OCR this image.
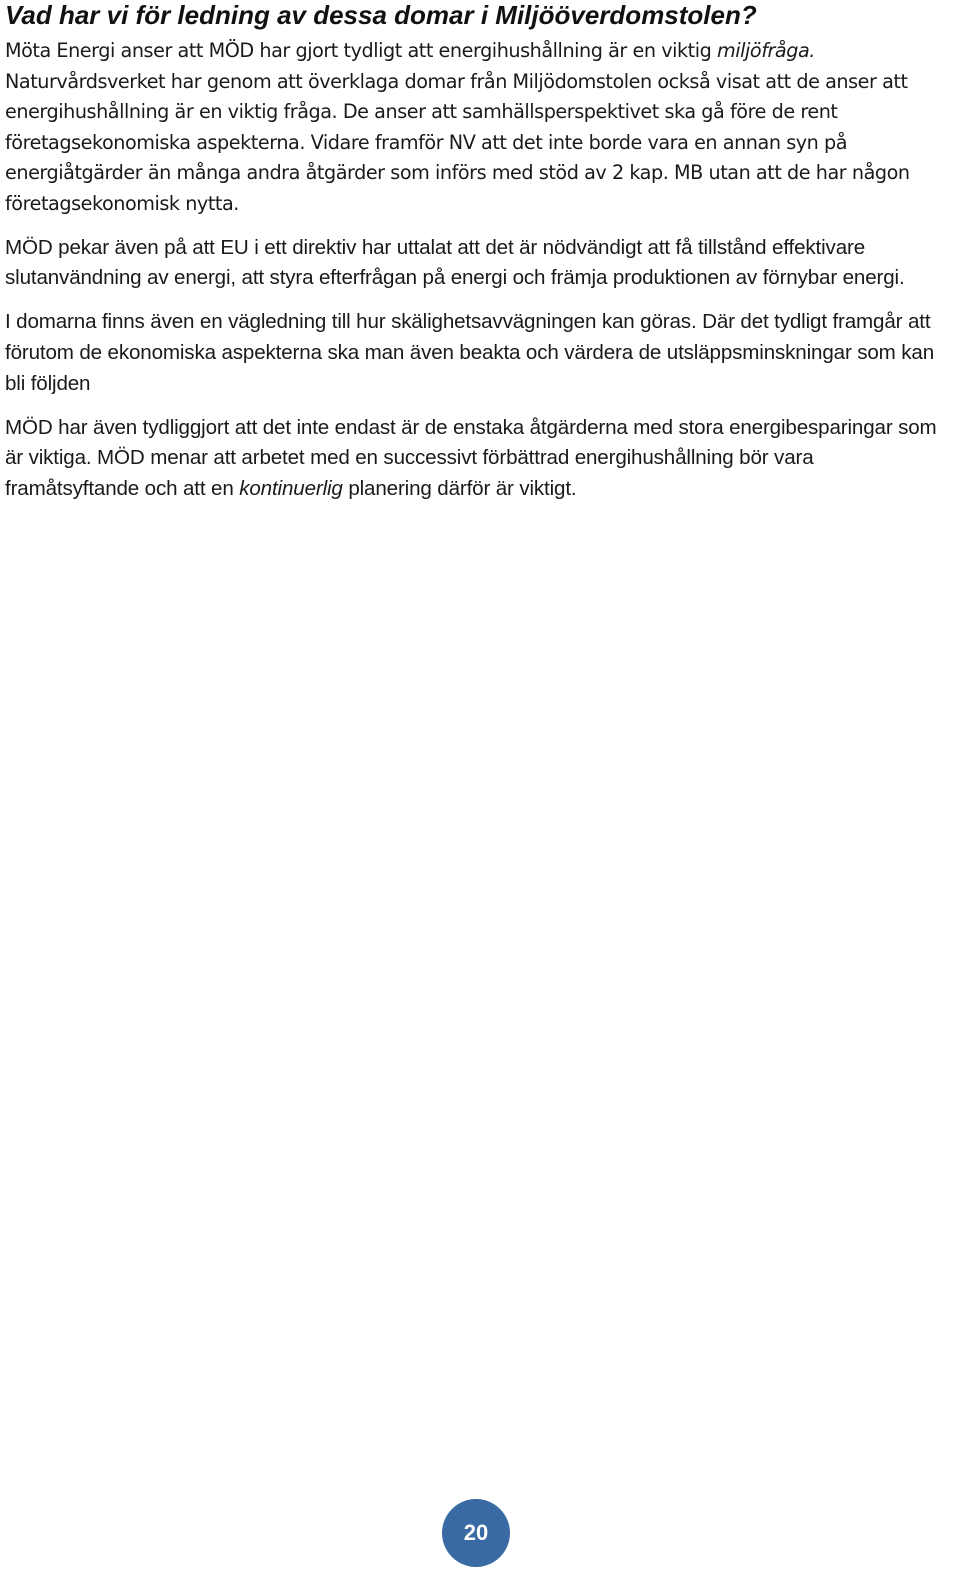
Vad har vi för ledning av dessa domar i Miljööverdomstolen?

Möta Energi anser att MÖD har gjort tydligt att energihushållning är en viktig miljöfråga. Naturvårdsverket har genom att överklaga domar från Miljödomstolen också visat att de anser att energihushållning är en viktig fråga. De anser att samhällsperspektivet ska gå före de rent företagsekonomiska aspekterna. Vidare framför NV att det inte borde vara en annan syn på energiåtgärder än många andra åtgärder som införs med stöd av 2 kap. MB utan att de har någon företagsekonomisk nytta.

MÖD pekar även på att EU i ett direktiv har uttalat att det är nödvändigt att få tillstånd effektivare slutanvändning av energi, att styra efterfrågan på energi och främja produktionen av förnybar energi.

I domarna finns även en vägledning till hur skälighetsavvägningen kan göras. Där det tydligt framgår att förutom de ekonomiska aspekterna ska man även beakta och värdera de utsläppsminskningar som kan bli följden

MÖD har även tydliggjort att det inte endast är de enstaka åtgärderna med stora energibesparingar som är viktiga. MÖD menar att arbetet med en successivt förbättrad energihushållning bör vara framåtsyftande och att en kontinuerlig planering därför är viktigt.

20
